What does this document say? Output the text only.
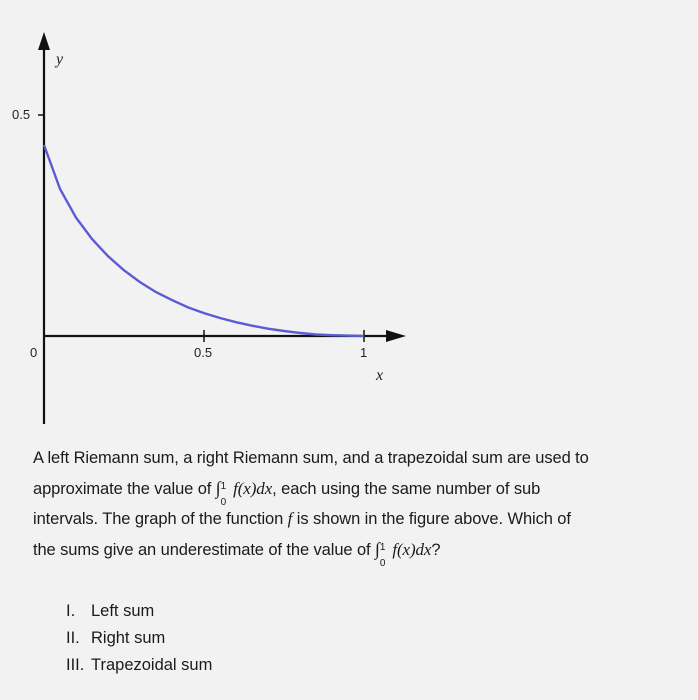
y
0.5
0	0.5	1
x

A left Riemann sum, a right Riemann sum, and a trapezoidal sum are used to

approximate the value of ∫ 1
0
f(x)dx, each using the same number of sub

intervals. The graph of the function f is shown in the figure above. Which of

the sums give an underestimate of the value of ∫ 1
0
f(x)dx?

I. Left sum
II. Right sum
III. Trapezoidal sum
